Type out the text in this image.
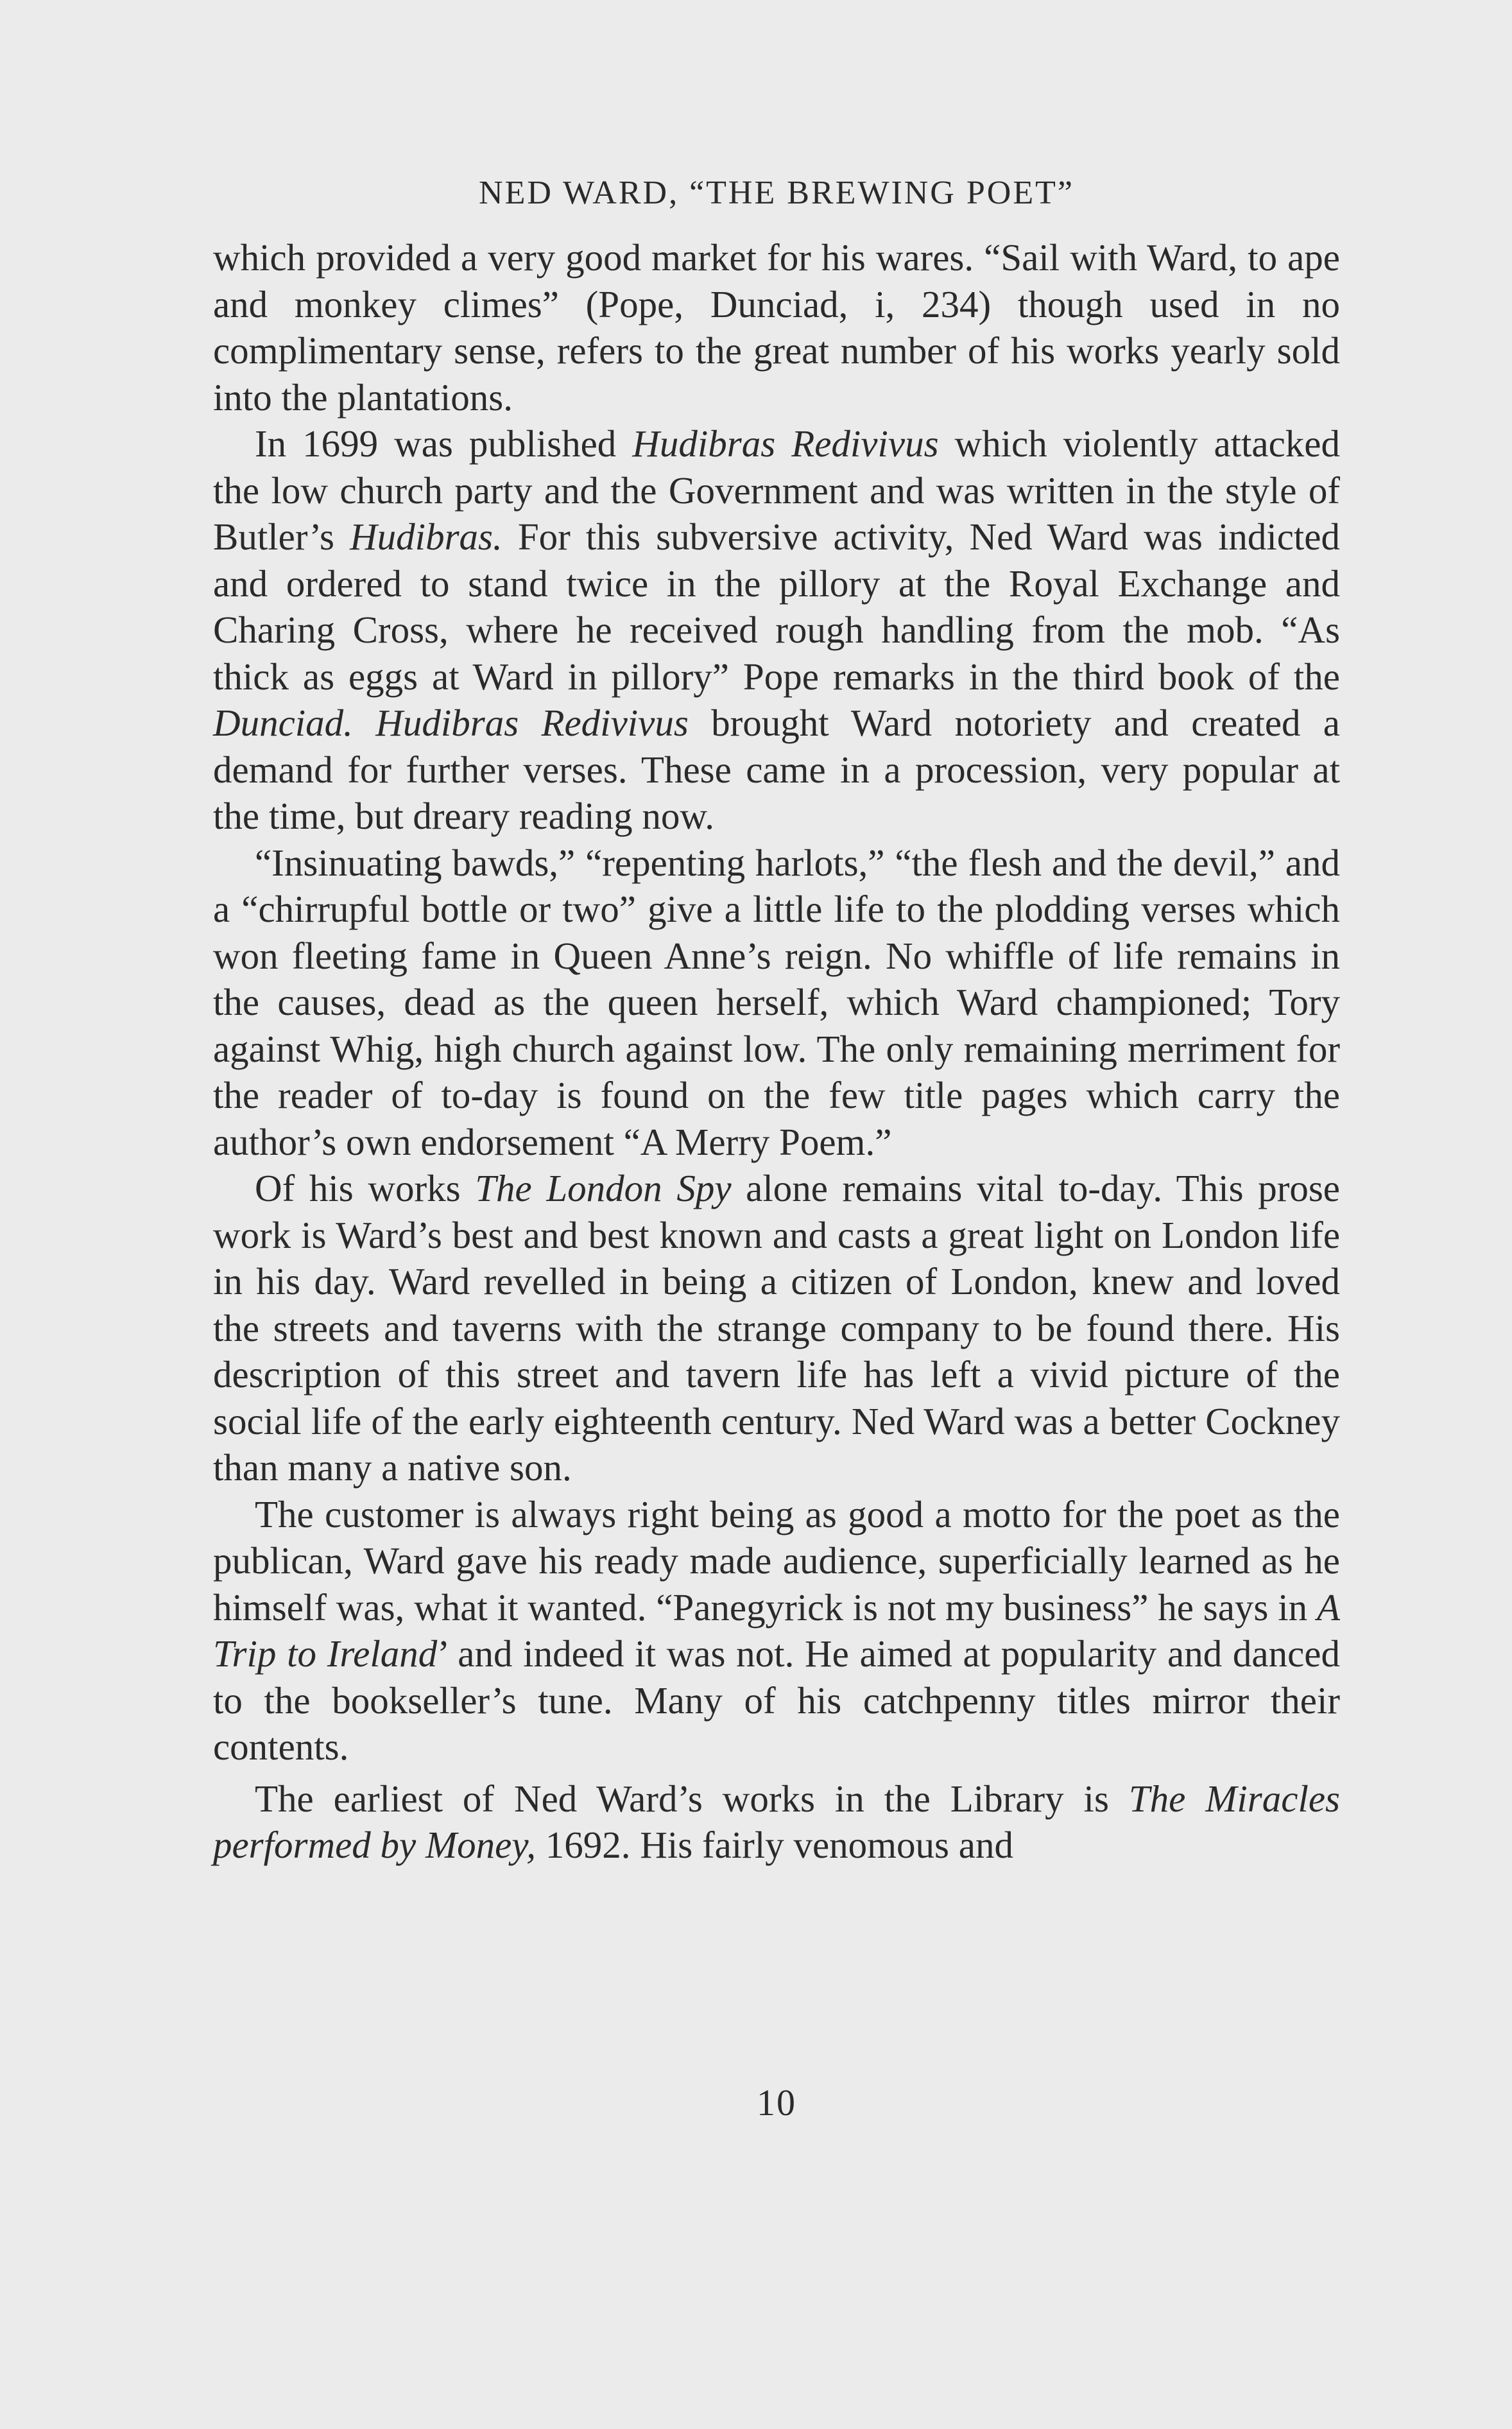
NED WARD, “THE BREWING POET”

which provided a very good market for his wares. “Sail with Ward, to ape and monkey climes” (Pope, Dunciad, i, 234) though used in no complimentary sense, refers to the great number of his works yearly sold into the plantations.

In 1699 was published Hudibras Redivivus which violently attacked the low church party and the Government and was written in the style of Butler’s Hudibras. For this subversive activity, Ned Ward was indicted and ordered to stand twice in the pillory at the Royal Exchange and Charing Cross, where he received rough handling from the mob. “As thick as eggs at Ward in pillory” Pope remarks in the third book of the Dunciad. Hudibras Redivivus brought Ward notoriety and created a demand for further verses. These came in a procession, very popular at the time, but dreary reading now.

“Insinuating bawds,” “repenting harlots,” “the flesh and the devil,” and a “chirrupful bottle or two” give a little life to the plodding verses which won fleeting fame in Queen Anne’s reign. No whiffle of life remains in the causes, dead as the queen herself, which Ward championed; Tory against Whig, high church against low. The only remaining merriment for the reader of to-day is found on the few title pages which carry the author’s own endorsement “A Merry Poem.”

Of his works The London Spy alone remains vital to-day. This prose work is Ward’s best and best known and casts a great light on London life in his day. Ward revelled in being a citizen of London, knew and loved the streets and taverns with the strange company to be found there. His description of this street and tavern life has left a vivid picture of the social life of the early eighteenth century. Ned Ward was a better Cockney than many a native son.

The customer is always right being as good a motto for the poet as the publican, Ward gave his ready made audience, superficially learned as he himself was, what it wanted. “Panegyrick is not my business” he says in A Trip to Ireland’ and indeed it was not. He aimed at popularity and danced to the bookseller’s tune. Many of his catchpenny titles mirror their contents.

The earliest of Ned Ward’s works in the Library is The Miracles performed by Money, 1692. His fairly venomous and

10
